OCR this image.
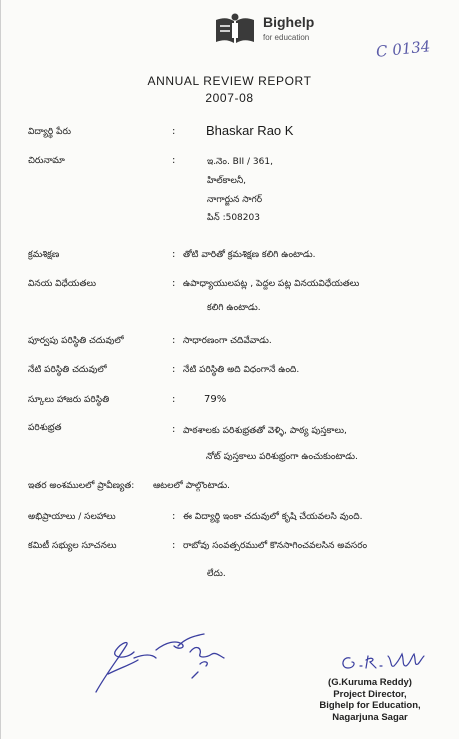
Bighelp
for education	C 0134
ANNUAL REVIEW REPORT
2007-08
విద్యార్థి పేరు	: Bhaskar Rao K
చిరునామా	:	ఇ.నెం. BII / 361,
హిల్‌కాలనీ,
నాగార్జున సాగర్
పిన్ :508203
క్రమశిక్షణ	: తోటి వారితో క్రమశిక్షణ కలిగి ఉంటాడు.
వినయ విధేయతలు	: ఉపాధ్యాయులపట్ల , పెద్దల పట్ల వినయవిధేయతలు
కలిగి ఉంటాడు.
పూర్వపు పరిస్థితి చదువులో	: సాధారణంగా చదివేవాడు.
నేటి పరిస్థితి చదువులో	: నేటి పరిస్థితి అది విధంగానే ఉంది.
స్కూలు హాజరు పరిస్థితి	:	79%
పరిశుభ్రత	: పాఠశాలకు పరిశుభ్రతతో వెళ్ళి, పాఠ్య పుస్తకాలు,
నోట్ పుస్తకాలు పరిశుభ్రంగా ఉంచుకుంటాడు.
ఇతర అంశములలో ప్రావీణ్యత: ఆటలలో పాల్గొంటాడు.
అభిప్రాయాలు / సలహాలు	: ఈ విద్యార్థి ఇంకా చదువులో కృషి చేయవలసి వుంది.
కమిటీ సభ్యుల సూచనలు	: రాబోవు సంవత్సరములో కొనసాగించవలసిన అవసరం
లేదు.
(G.Kuruma Reddy)
Project Director,
Bighelp for Education,
Nagarjuna Sagar
